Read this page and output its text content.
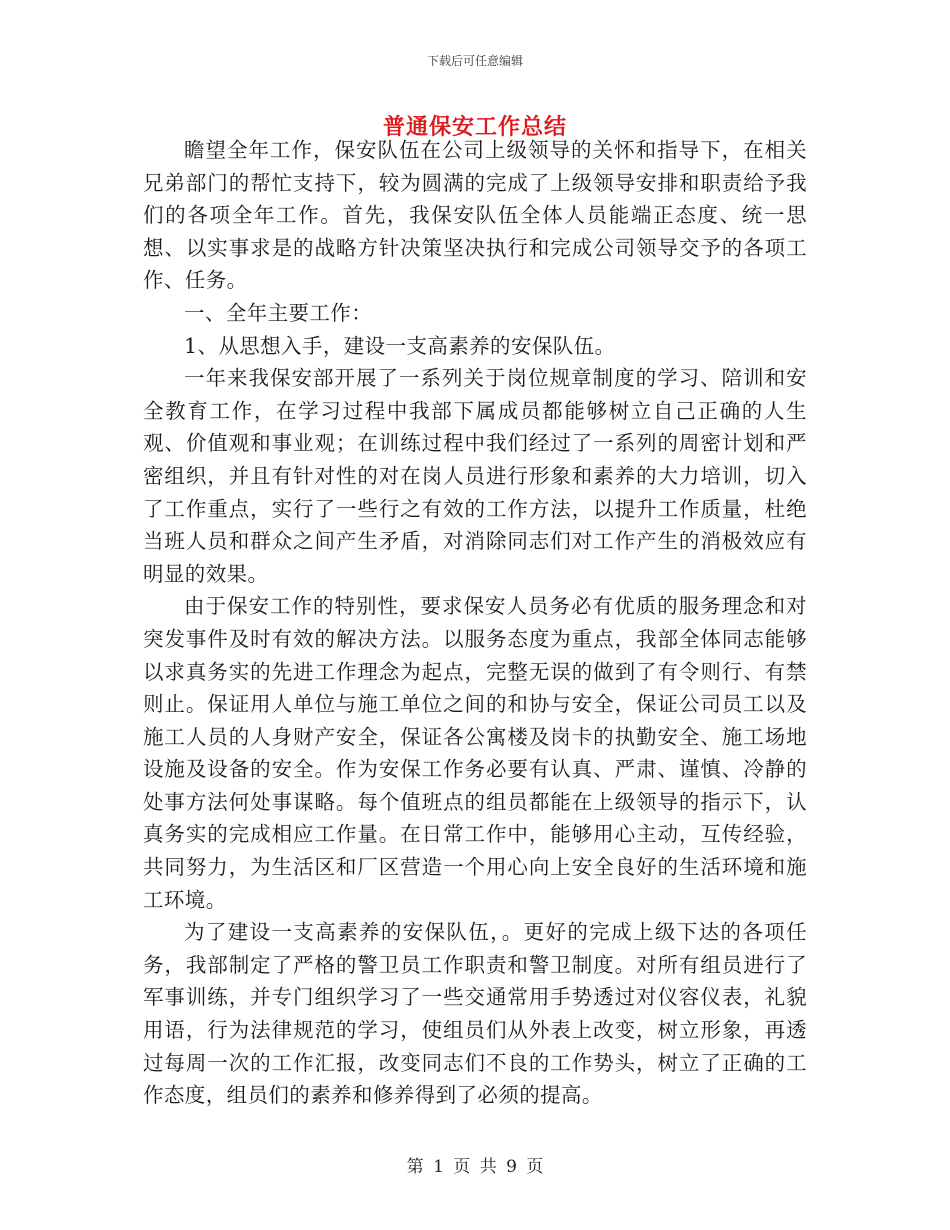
下载后可任意编辑
普通保安工作总结

瞻望全年工作，保安队伍在公司上级领导的关怀和指导下，在相关兄弟部门的帮忙支持下，较为圆满的完成了上级领导安排和职责给予我们的各项全年工作。首先，我保安队伍全体人员能端正态度、统一思想、以实事求是的战略方针决策坚决执行和完成公司领导交予的各项工作、任务。

一、全年主要工作：

1、从思想入手，建设一支高素养的安保队伍。

一年来我保安部开展了一系列关于岗位规章制度的学习、陪训和安全教育工作，在学习过程中我部下属成员都能够树立自己正确的人生观、价值观和事业观；在训练过程中我们经过了一系列的周密计划和严密组织，并且有针对性的对在岗人员进行形象和素养的大力培训，切入了工作重点，实行了一些行之有效的工作方法，以提升工作质量，杜绝当班人员和群众之间产生矛盾，对消除同志们对工作产生的消极效应有明显的效果。

由于保安工作的特别性，要求保安人员务必有优质的服务理念和对突发事件及时有效的解决方法。以服务态度为重点，我部全体同志能够以求真务实的先进工作理念为起点，完整无误的做到了有令则行、有禁则止。保证用人单位与施工单位之间的和协与安全，保证公司员工以及施工人员的人身财产安全，保证各公寓楼及岗卡的执勤安全、施工场地设施及设备的安全。作为安保工作务必要有认真、严肃、谨慎、冷静的处事方法何处事谋略。每个值班点的组员都能在上级领导的指示下，认真务实的完成相应工作量。在日常工作中，能够用心主动，互传经验，共同努力，为生活区和厂区营造一个用心向上安全良好的生活环境和施工环境。

为了建设一支高素养的安保队伍，。更好的完成上级下达的各项任务，我部制定了严格的警卫员工作职责和警卫制度。对所有组员进行了军事训练，并专门组织学习了一些交通常用手势透过对仪容仪表，礼貌用语，行为法律规范的学习，使组员们从外表上改变，树立形象，再透过每周一次的工作汇报，改变同志们不良的工作势头，树立了正确的工作态度，组员们的素养和修养得到了必须的提高。

第 1 页 共 9 页
